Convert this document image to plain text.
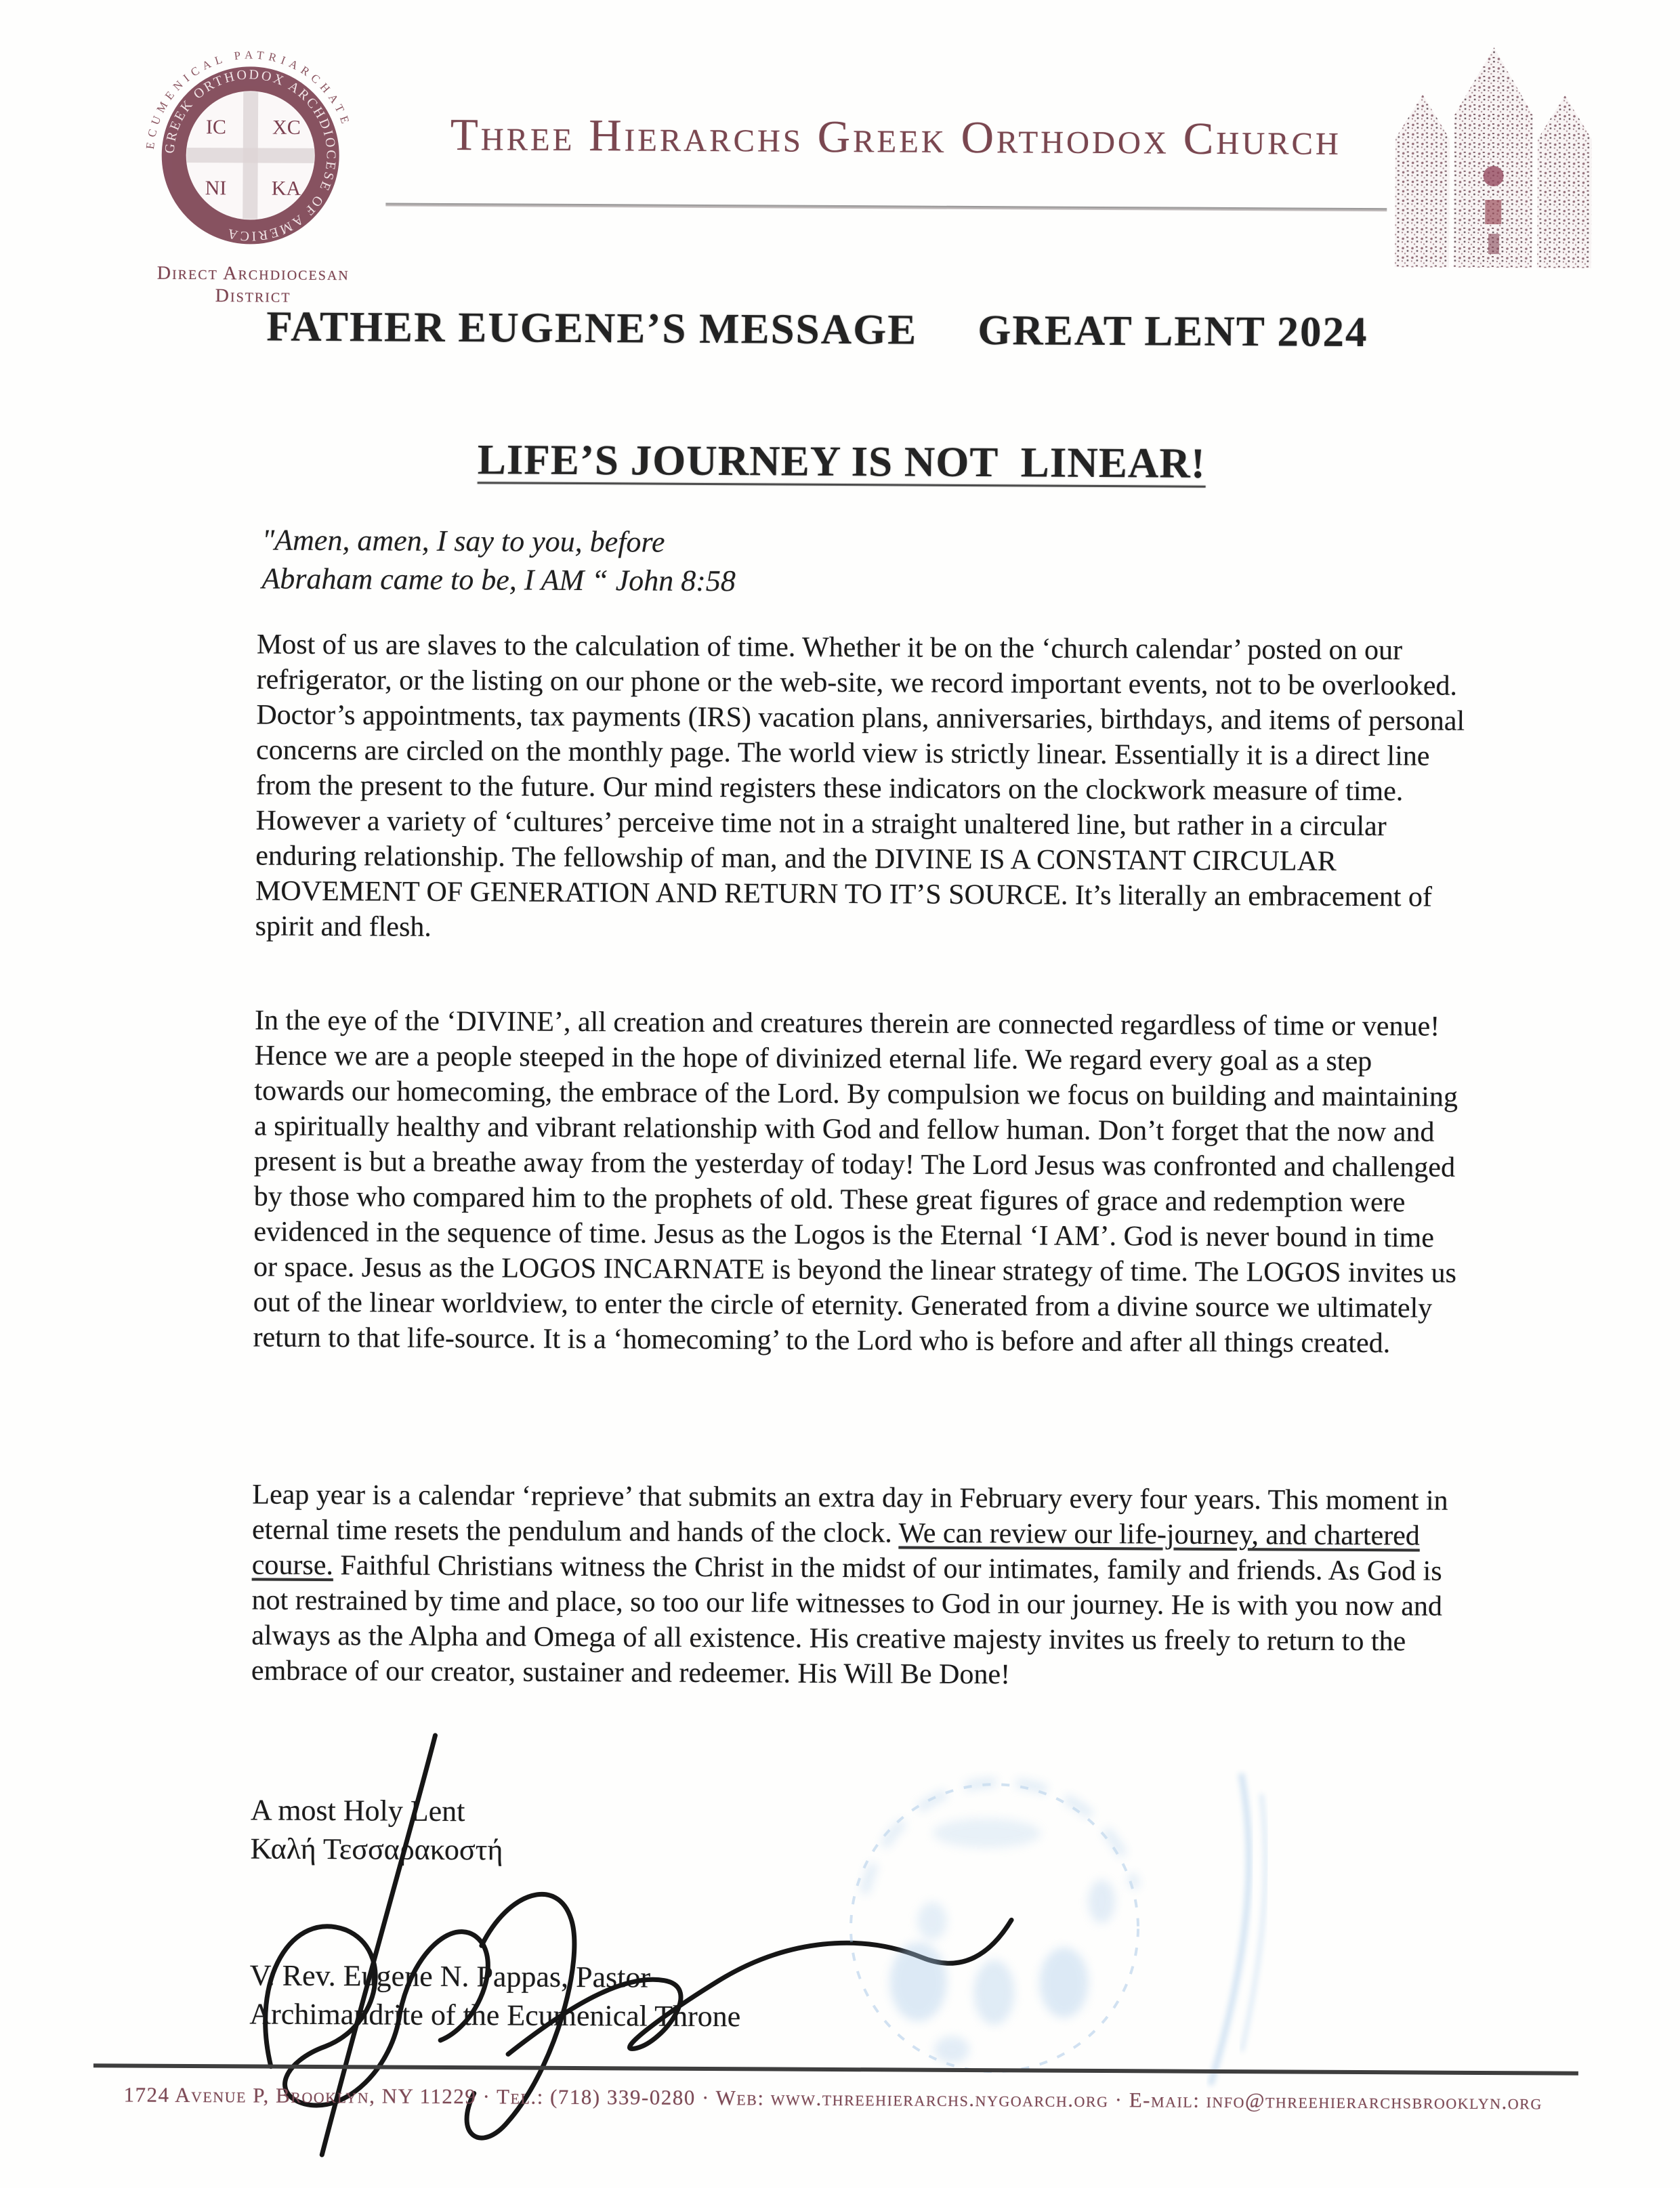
ECUMENICAL PATRIARCHATE
GREEK ORTHODOX ARCHDIOCESE OF AMERICA
IC XC
NI KA
Direct Archdiocesan
District
Three Hierarchs Greek Orthodox Church
FATHER EUGENE’S MESSAGE GREAT LENT 2024
LIFE’S JOURNEY IS NOT  LINEAR!
"Amen, amen, I say to you, before
Abraham came to be, I AM “ John 8:58
Most of us are slaves to the calculation of time. Whether it be on the ‘church calendar’ posted on our refrigerator, or the listing on our phone or the web-site, we record important events, not to be overlooked. Doctor’s appointments, tax payments (IRS) vacation plans, anniversaries, birthdays, and items of personal concerns are circled on the monthly page. The world view is strictly linear. Essentially it is a direct line from the present to the future. Our mind registers these indicators on the clockwork measure of time. However a variety of ‘cultures’ perceive time not in a straight unaltered line, but rather in a circular enduring relationship. The fellowship of man, and the DIVINE IS A CONSTANT CIRCULAR MOVEMENT OF GENERATION AND RETURN TO IT’S SOURCE. It’s literally an embracement of spirit and flesh.
In the eye of the ‘DIVINE’, all creation and creatures therein are connected regardless of time or venue! Hence we are a people steeped in the hope of divinized eternal life. We regard every goal as a step towards our homecoming, the embrace of the Lord. By compulsion we focus on building and maintaining a spiritually healthy and vibrant relationship with God and fellow human. Don’t forget that the now and present is but a breathe away from the yesterday of today! The Lord Jesus was confronted and challenged by those who compared him to the prophets of old. These great figures of grace and redemption were evidenced in the sequence of time. Jesus as the Logos is the Eternal ‘I AM’. God is never bound in time or space. Jesus as the LOGOS INCARNATE is beyond the linear strategy of time. The LOGOS invites us out of the linear worldview, to enter the circle of eternity. Generated from a divine source we ultimately return to that life-source. It is a ‘homecoming’ to the Lord who is before and after all things created.
Leap year is a calendar ‘reprieve’ that submits an extra day in February every four years. This moment in eternal time resets the pendulum and hands of the clock. We can review our life-journey, and chartered course. Faithful Christians witness the Christ in the midst of our intimates, family and friends. As God is not restrained by time and place, so too our life witnesses to God in our journey. He is with you now and always as the Alpha and Omega of all existence. His creative majesty invites us freely to return to the embrace of our creator, sustainer and redeemer. His Will Be Done!
A most Holy Lent
Καλή Τεσσαρακοστή
V. Rev. Eugene N. Pappas, Pastor
Archimandrite of the Ecumenical Throne
1724 Avenue P, Brooklyn, NY 11229 · Tel.: (718) 339-0280 · Web: www.threehierarchs.nygoarch.org · E-mail: info@threehierarchsbrooklyn.org
